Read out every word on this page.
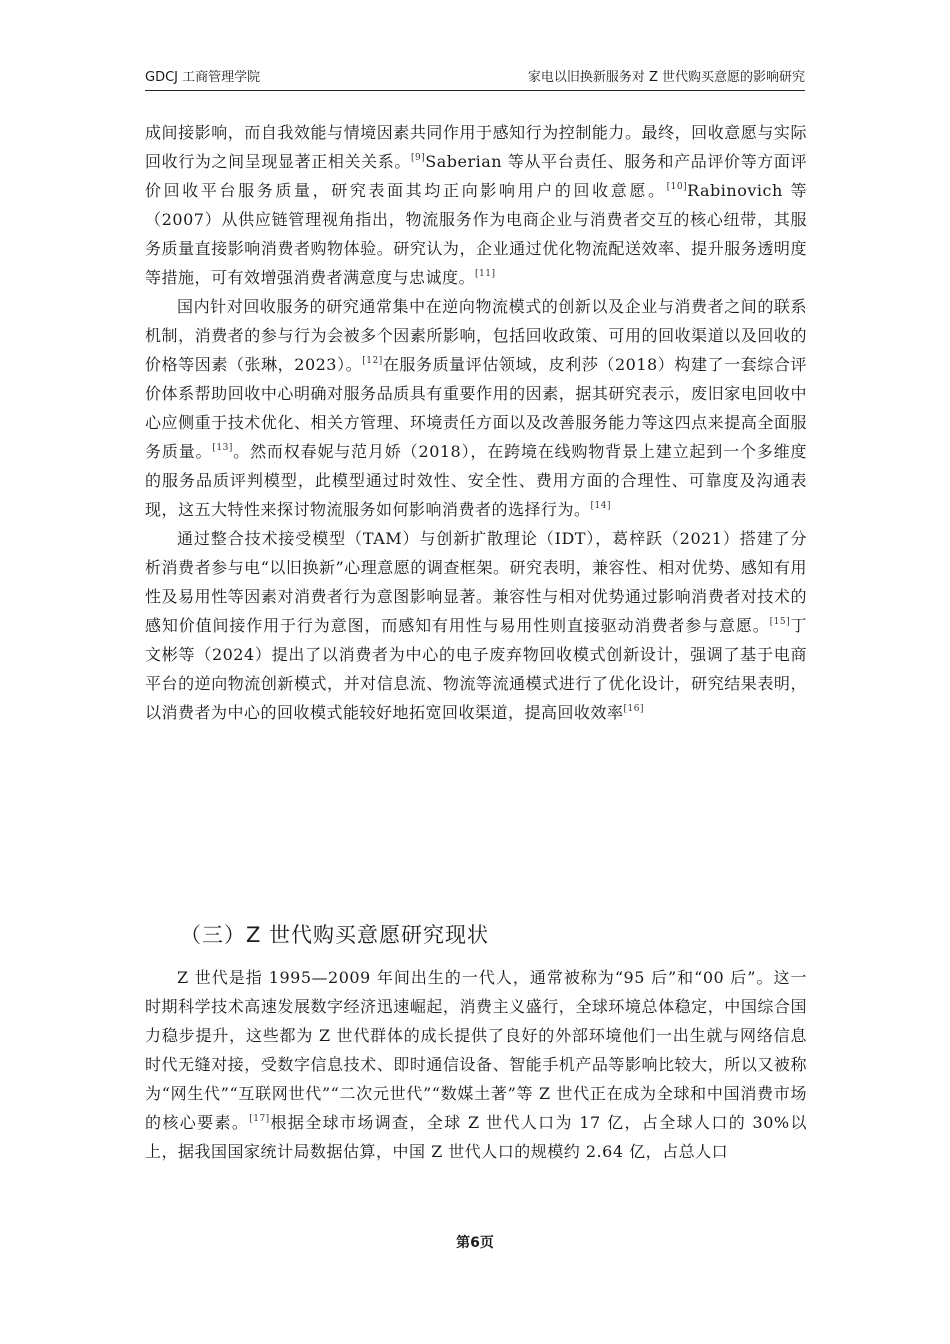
GDCJ 工商管理学院	家电以旧换新服务对 Z 世代购买意愿的影响研究

成间接影响，而自我效能与情境因素共同作用于感知行为控制能力。最终，回收意愿与实际回收行为之间呈现显著正相关关系。[9]Saberian 等从平台责任、服务和产品评价等方面评价回收平台服务质量，研究表面其均正向影响用户的回收意愿。[10]Rabinovich 等（2007）从供应链管理视角指出，物流服务作为电商企业与消费者交互的核心纽带，其服务质量直接影响消费者购物体验。研究认为，企业通过优化物流配送效率、提升服务透明度等措施，可有效增强消费者满意度与忠诚度。[11]

国内针对回收服务的研究通常集中在逆向物流模式的创新以及企业与消费者之间的联系机制，消费者的参与行为会被多个因素所影响，包括回收政策、可用的回收渠道以及回收的价格等因素（张琳，2023）。[12]在服务质量评估领域，皮利莎（2018）构建了一套综合评价体系帮助回收中心明确对服务品质具有重要作用的因素，据其研究表示，废旧家电回收中心应侧重于技术优化、相关方管理、环境责任方面以及改善服务能力等这四点来提高全面服务质量。[13]。然而权春妮与范月娇（2018），在跨境在线购物背景上建立起到一个多维度的服务品质评判模型，此模型通过时效性、安全性、费用方面的合理性、可靠度及沟通表现，这五大特性来探讨物流服务如何影响消费者的选择行为。[14]

通过整合技术接受模型（TAM）与创新扩散理论（IDT），葛梓跃（2021）搭建了分析消费者参与电“以旧换新”心理意愿的调查框架。研究表明，兼容性、相对优势、感知有用性及易用性等因素对消费者行为意图影响显著。兼容性与相对优势通过影响消费者对技术的感知价值间接作用于行为意图，而感知有用性与易用性则直接驱动消费者参与意愿。[15]丁文彬等（2024）提出了以消费者为中心的电子废弃物回收模式创新设计，强调了基于电商平台的逆向物流创新模式，并对信息流、物流等流通模式进行了优化设计，研究结果表明，以消费者为中心的回收模式能较好地拓宽回收渠道，提高回收效率[16]

（三）Z 世代购买意愿研究现状

Z 世代是指 1995—2009 年间出生的一代人，通常被称为“95 后”和“00 后”。这一时期科学技术高速发展数字经济迅速崛起，消费主义盛行，全球环境总体稳定，中国综合国力稳步提升，这些都为 Z 世代群体的成长提供了良好的外部环境他们一出生就与网络信息时代无缝对接，受数字信息技术、即时通信设备、智能手机产品等影响比较大，所以又被称为“网生代”“互联网世代”“二次元世代”“数媒土著”等 Z 世代正在成为全球和中国消费市场的核心要素。[17]根据全球市场调查，全球 Z 世代人口为 17 亿，占全球人口的 30%以上，据我国国家统计局数据估算，中国 Z 世代人口的规模约 2.64 亿，占总人口

第6页
